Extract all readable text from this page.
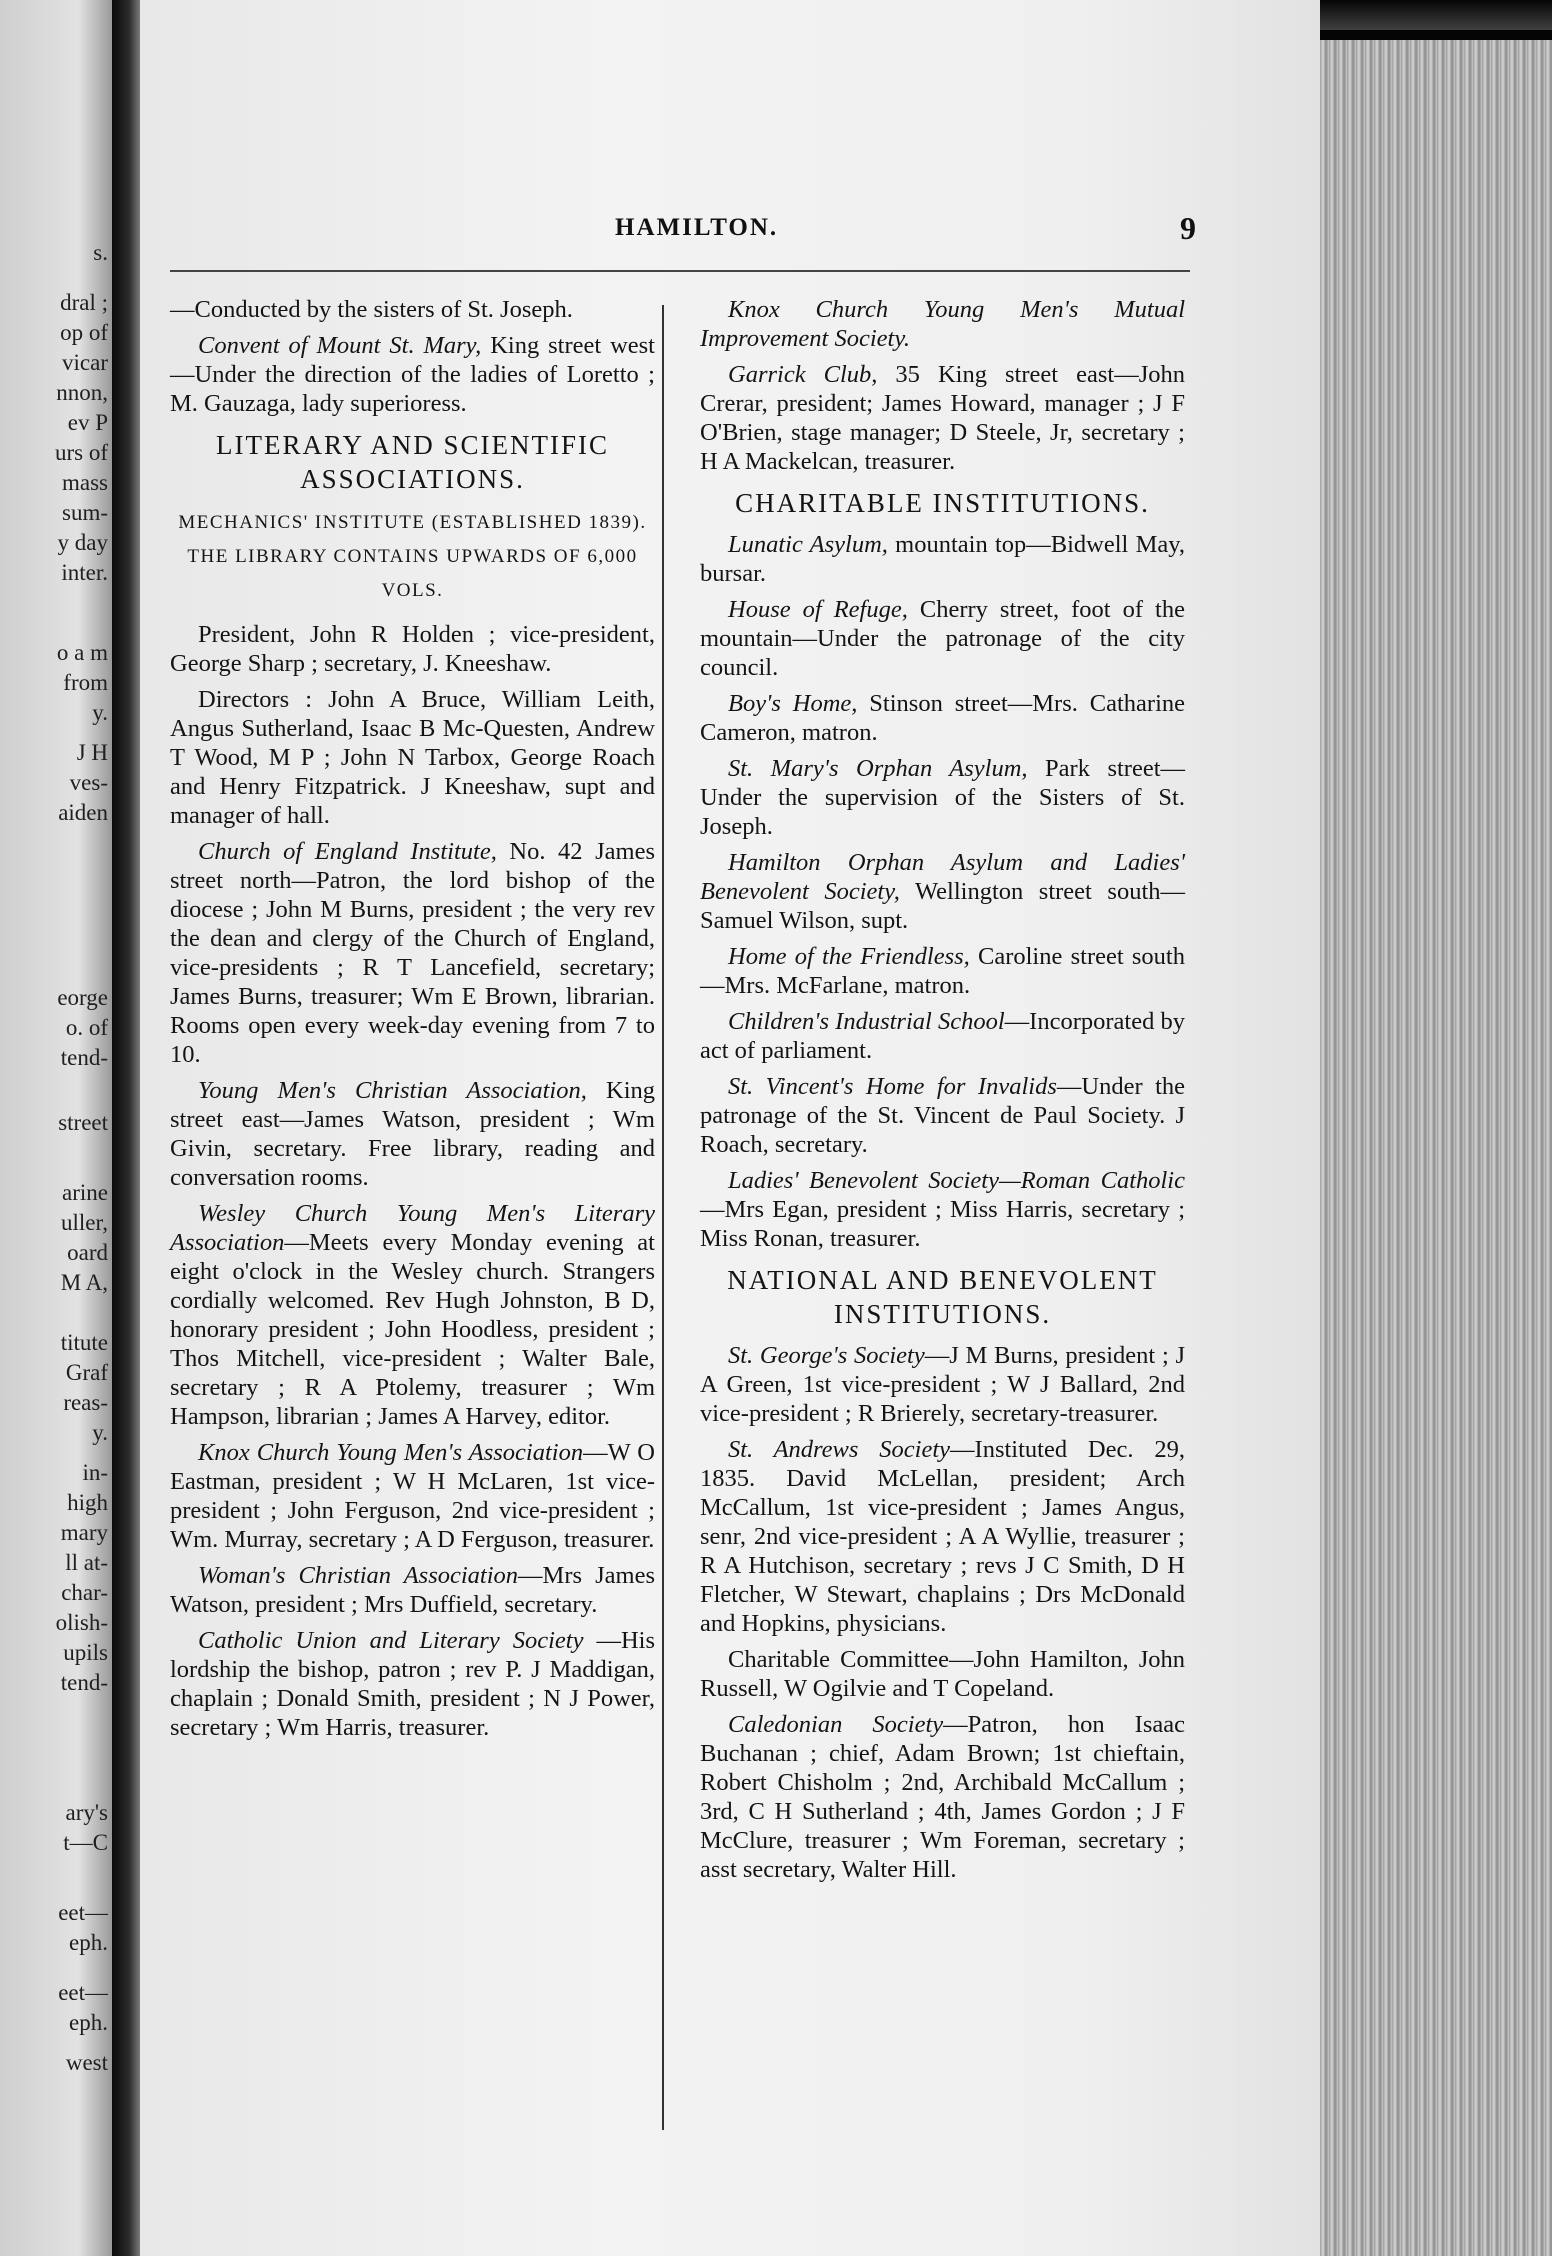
s.
dral ;
op of
vicar
nnon,
ev P
urs of
mass
sum-
y day
inter.
o a m
from
y.
J H
ves-
aiden
eorge
o. of
tend-
street
arine
uller,
oard
M A,
titute
Graf
reas-
y.
in-
high
mary
ll at-
char-
olish-
upils
tend-
ary's
t—C
eet—
eph.
eet—
eph.
west
HAMILTON.	9

—Conducted by the sisters of St. Joseph.

Convent of Mount St. Mary, King street west—Under the direction of the ladies of Loretto ; M. Gauzaga, lady superioress.

LITERARY AND SCIENTIFIC ASSOCIATIONS.
MECHANICS' INSTITUTE (ESTABLISHED 1839). THE LIBRARY CONTAINS UPWARDS OF 6,000 VOLS.

President, John R Holden ; vice-president, George Sharp ; secretary, J. Kneeshaw.

Directors : John A Bruce, William Leith, Angus Sutherland, Isaac B Mc-Questen, Andrew T Wood, M P ; John N Tarbox, George Roach and Henry Fitzpatrick. J Kneeshaw, supt and manager of hall.

Church of England Institute, No. 42 James street north—Patron, the lord bishop of the diocese ; John M Burns, president ; the very rev the dean and clergy of the Church of England, vice-presidents ; R T Lancefield, secretary; James Burns, treasurer; Wm E Brown, librarian. Rooms open every week-day evening from 7 to 10.

Young Men's Christian Association, King street east—James Watson, president ; Wm Givin, secretary. Free library, reading and conversation rooms.

Wesley Church Young Men's Literary Association—Meets every Monday evening at eight o'clock in the Wesley church. Strangers cordially welcomed. Rev Hugh Johnston, B D, honorary president ; John Hoodless, president ; Thos Mitchell, vice-president ; Walter Bale, secretary ; R A Ptolemy, treasurer ; Wm Hampson, librarian ; James A Harvey, editor.

Knox Church Young Men's Association—W O Eastman, president ; W H McLaren, 1st vice-president ; John Ferguson, 2nd vice-president ; Wm. Murray, secretary ; A D Ferguson, treasurer.

Woman's Christian Association—Mrs James Watson, president ; Mrs Duffield, secretary.

Catholic Union and Literary Society —His lordship the bishop, patron ; rev P. J Maddigan, chaplain ; Donald Smith, president ; N J Power, secretary ; Wm Harris, treasurer.

Knox Church Young Men's Mutual Improvement Society.

Garrick Club, 35 King street east—John Crerar, president; James Howard, manager ; J F O'Brien, stage manager; D Steele, Jr, secretary ; H A Mackelcan, treasurer.

CHARITABLE INSTITUTIONS.

Lunatic Asylum, mountain top—Bidwell May, bursar.

House of Refuge, Cherry street, foot of the mountain—Under the patronage of the city council.

Boy's Home, Stinson street—Mrs. Catharine Cameron, matron.

St. Mary's Orphan Asylum, Park street—Under the supervision of the Sisters of St. Joseph.

Hamilton Orphan Asylum and Ladies' Benevolent Society, Wellington street south—Samuel Wilson, supt.

Home of the Friendless, Caroline street south—Mrs. McFarlane, matron.

Children's Industrial School—Incorporated by act of parliament.

St. Vincent's Home for Invalids—Under the patronage of the St. Vincent de Paul Society. J Roach, secretary.

Ladies' Benevolent Society—Roman Catholic—Mrs Egan, president ; Miss Harris, secretary ; Miss Ronan, treasurer.

NATIONAL AND BENEVOLENT INSTITUTIONS.

St. George's Society—J M Burns, president ; J A Green, 1st vice-president ; W J Ballard, 2nd vice-president ; R Brierely, secretary-treasurer.

St. Andrews Society—Instituted Dec. 29, 1835. David McLellan, president; Arch McCallum, 1st vice-president ; James Angus, senr, 2nd vice-president ; A A Wyllie, treasurer ; R A Hutchison, secretary ; revs J C Smith, D H Fletcher, W Stewart, chaplains ; Drs McDonald and Hopkins, physicians.

Charitable Committee—John Hamilton, John Russell, W Ogilvie and T Copeland.

Caledonian Society—Patron, hon Isaac Buchanan ; chief, Adam Brown; 1st chieftain, Robert Chisholm ; 2nd, Archibald McCallum ; 3rd, C H Sutherland ; 4th, James Gordon ; J F McClure, treasurer ; Wm Foreman, secretary ; asst secretary, Walter Hill.
